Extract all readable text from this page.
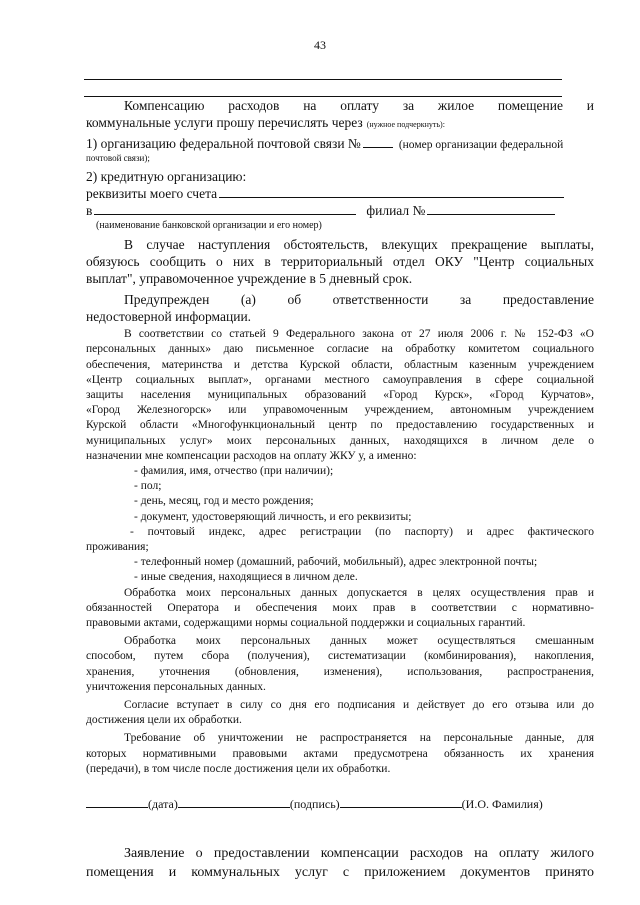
43

Компенсацию расходов на оплату за жилое помещение и

коммунальные услуги прошу перечислять через (нужное подчеркнуть):

1) организацию федеральной почтовой связи №	(номер организации федеральной

почтовой связи);

2) кредитную организацию:

реквизиты моего счета

в	филиал №

(наименование банковской организации и его номер)

В случае наступления обстоятельств, влекущих прекращение выплаты,

обязуюсь сообщить о них в территориальный отдел ОКУ "Центр социальных

выплат", управомоченное учреждение в 5 дневный срок.

Предупрежден (а) об ответственности за предоставление

недостоверной информации.

В соответствии со статьей 9 Федерального закона от 27 июля 2006 г. № 152-ФЗ «О

персональных данных» даю письменное согласие на обработку комитетом социального

обеспечения, материнства и детства Курской области, областным казенным учреждением

«Центр социальных выплат», органами местного самоуправления в сфере социальной

защиты населения муниципальных образований «Город Курск», «Город Курчатов»,

«Город Железногорск» или управомоченным учреждением, автономным учреждением

Курской области «Многофункциональный центр по предоставлению государственных и

муниципальных услуг» моих персональных данных, находящихся в личном деле о

назначении мне компенсации расходов на оплату ЖКУ у, а именно:

- фамилия, имя, отчество (при наличии);

- пол;

- день, месяц, год и место рождения;

- документ, удостоверяющий личность, и его реквизиты;

- почтовый индекс, адрес регистрации (по паспорту) и адрес фактического

проживания;

- телефонный номер (домашний, рабочий, мобильный), адрес электронной почты;

- иные сведения, находящиеся в личном деле.

Обработка моих персональных данных допускается в целях осуществления прав и

обязанностей Оператора и обеспечения моих прав в соответствии с нормативно-

правовыми актами, содержащими нормы социальной поддержки и социальных гарантий.

Обработка моих персональных данных может осуществляться смешанным

способом, путем сбора (получения), систематизации (комбинирования), накопления,

хранения, уточнения (обновления, изменения), использования, распространения,

уничтожения персональных данных.

Согласие вступает в силу со дня его подписания и действует до его отзыва или до

достижения цели их обработки.

Требование об уничтожении не распространяется на персональные данные, для

которых нормативными правовыми актами предусмотрена обязанность их хранения

(передачи), в том числе после достижения цели их обработки.

(дата)	(подпись)	(И.О. Фамилия)

Заявление о предоставлении компенсации расходов на оплату жилого

помещения и коммунальных услуг с приложением документов принято
